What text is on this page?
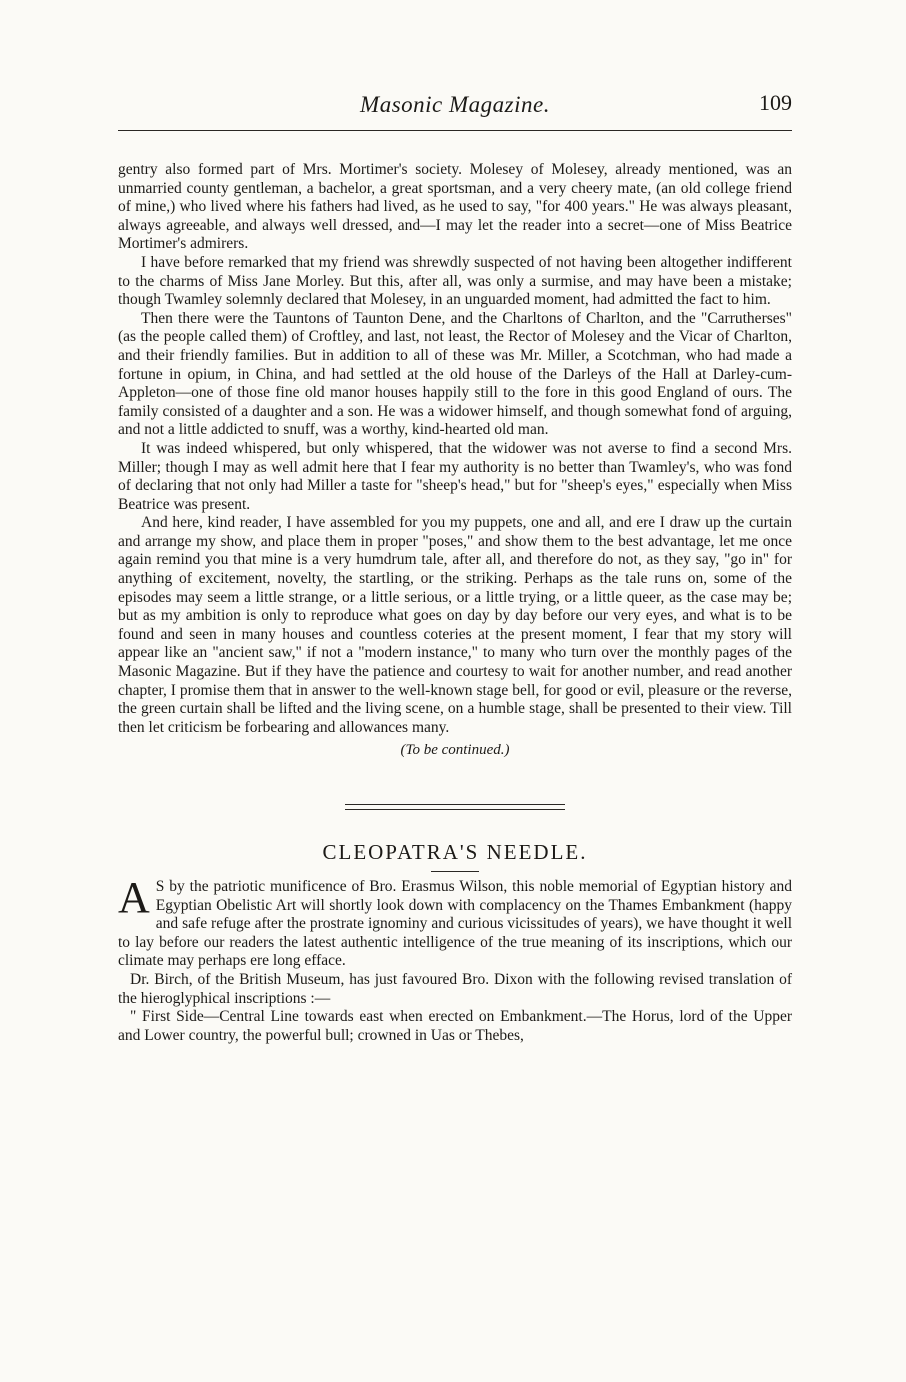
Masonic Magazine.	109

gentry also formed part of Mrs. Mortimer's society. Molesey of Molesey, already mentioned, was an unmarried county gentleman, a bachelor, a great sportsman, and a very cheery mate, (an old college friend of mine,) who lived where his fathers had lived, as he used to say, "for 400 years." He was always pleasant, always agreeable, and always well dressed, and—I may let the reader into a secret—one of Miss Beatrice Mortimer's admirers.

I have before remarked that my friend was shrewdly suspected of not having been altogether indifferent to the charms of Miss Jane Morley. But this, after all, was only a surmise, and may have been a mistake; though Twamley solemnly declared that Molesey, in an unguarded moment, had admitted the fact to him.

Then there were the Tauntons of Taunton Dene, and the Charltons of Charlton, and the "Carrutherses" (as the people called them) of Croftley, and last, not least, the Rector of Molesey and the Vicar of Charlton, and their friendly families. But in addition to all of these was Mr. Miller, a Scotchman, who had made a fortune in opium, in China, and had settled at the old house of the Darleys of the Hall at Darley-cum-Appleton—one of those fine old manor houses happily still to the fore in this good England of ours. The family consisted of a daughter and a son. He was a widower himself, and though somewhat fond of arguing, and not a little addicted to snuff, was a worthy, kind-hearted old man.

It was indeed whispered, but only whispered, that the widower was not averse to find a second Mrs. Miller; though I may as well admit here that I fear my authority is no better than Twamley's, who was fond of declaring that not only had Miller a taste for "sheep's head," but for "sheep's eyes," especially when Miss Beatrice was present.

And here, kind reader, I have assembled for you my puppets, one and all, and ere I draw up the curtain and arrange my show, and place them in proper "poses," and show them to the best advantage, let me once again remind you that mine is a very humdrum tale, after all, and therefore do not, as they say, "go in" for anything of excitement, novelty, the startling, or the striking. Perhaps as the tale runs on, some of the episodes may seem a little strange, or a little serious, or a little trying, or a little queer, as the case may be; but as my ambition is only to reproduce what goes on day by day before our very eyes, and what is to be found and seen in many houses and countless coteries at the present moment, I fear that my story will appear like an "ancient saw," if not a "modern instance," to many who turn over the monthly pages of the Masonic Magazine. But if they have the patience and courtesy to wait for another number, and read another chapter, I promise them that in answer to the well-known stage bell, for good or evil, pleasure or the reverse, the green curtain shall be lifted and the living scene, on a humble stage, shall be presented to their view. Till then let criticism be forbearing and allowances many.

(To be continued.)
CLEOPATRA'S NEEDLE.

A S by the patriotic munificence of Bro. Erasmus Wilson, this noble memorial of Egyptian history and Egyptian Obelistic Art will shortly look down with complacency on the Thames Embankment (happy and safe refuge after the prostrate ignominy and curious vicissitudes of years), we have thought it well to lay before our readers the latest authentic intelligence of the true meaning of its inscriptions, which our climate may perhaps ere long efface.

Dr. Birch, of the British Museum, has just favoured Bro. Dixon with the following revised translation of the hieroglyphical inscriptions :—

" First Side—Central Line towards east when erected on Embankment.—The Horus, lord of the Upper and Lower country, the powerful bull; crowned in Uas or Thebes,
